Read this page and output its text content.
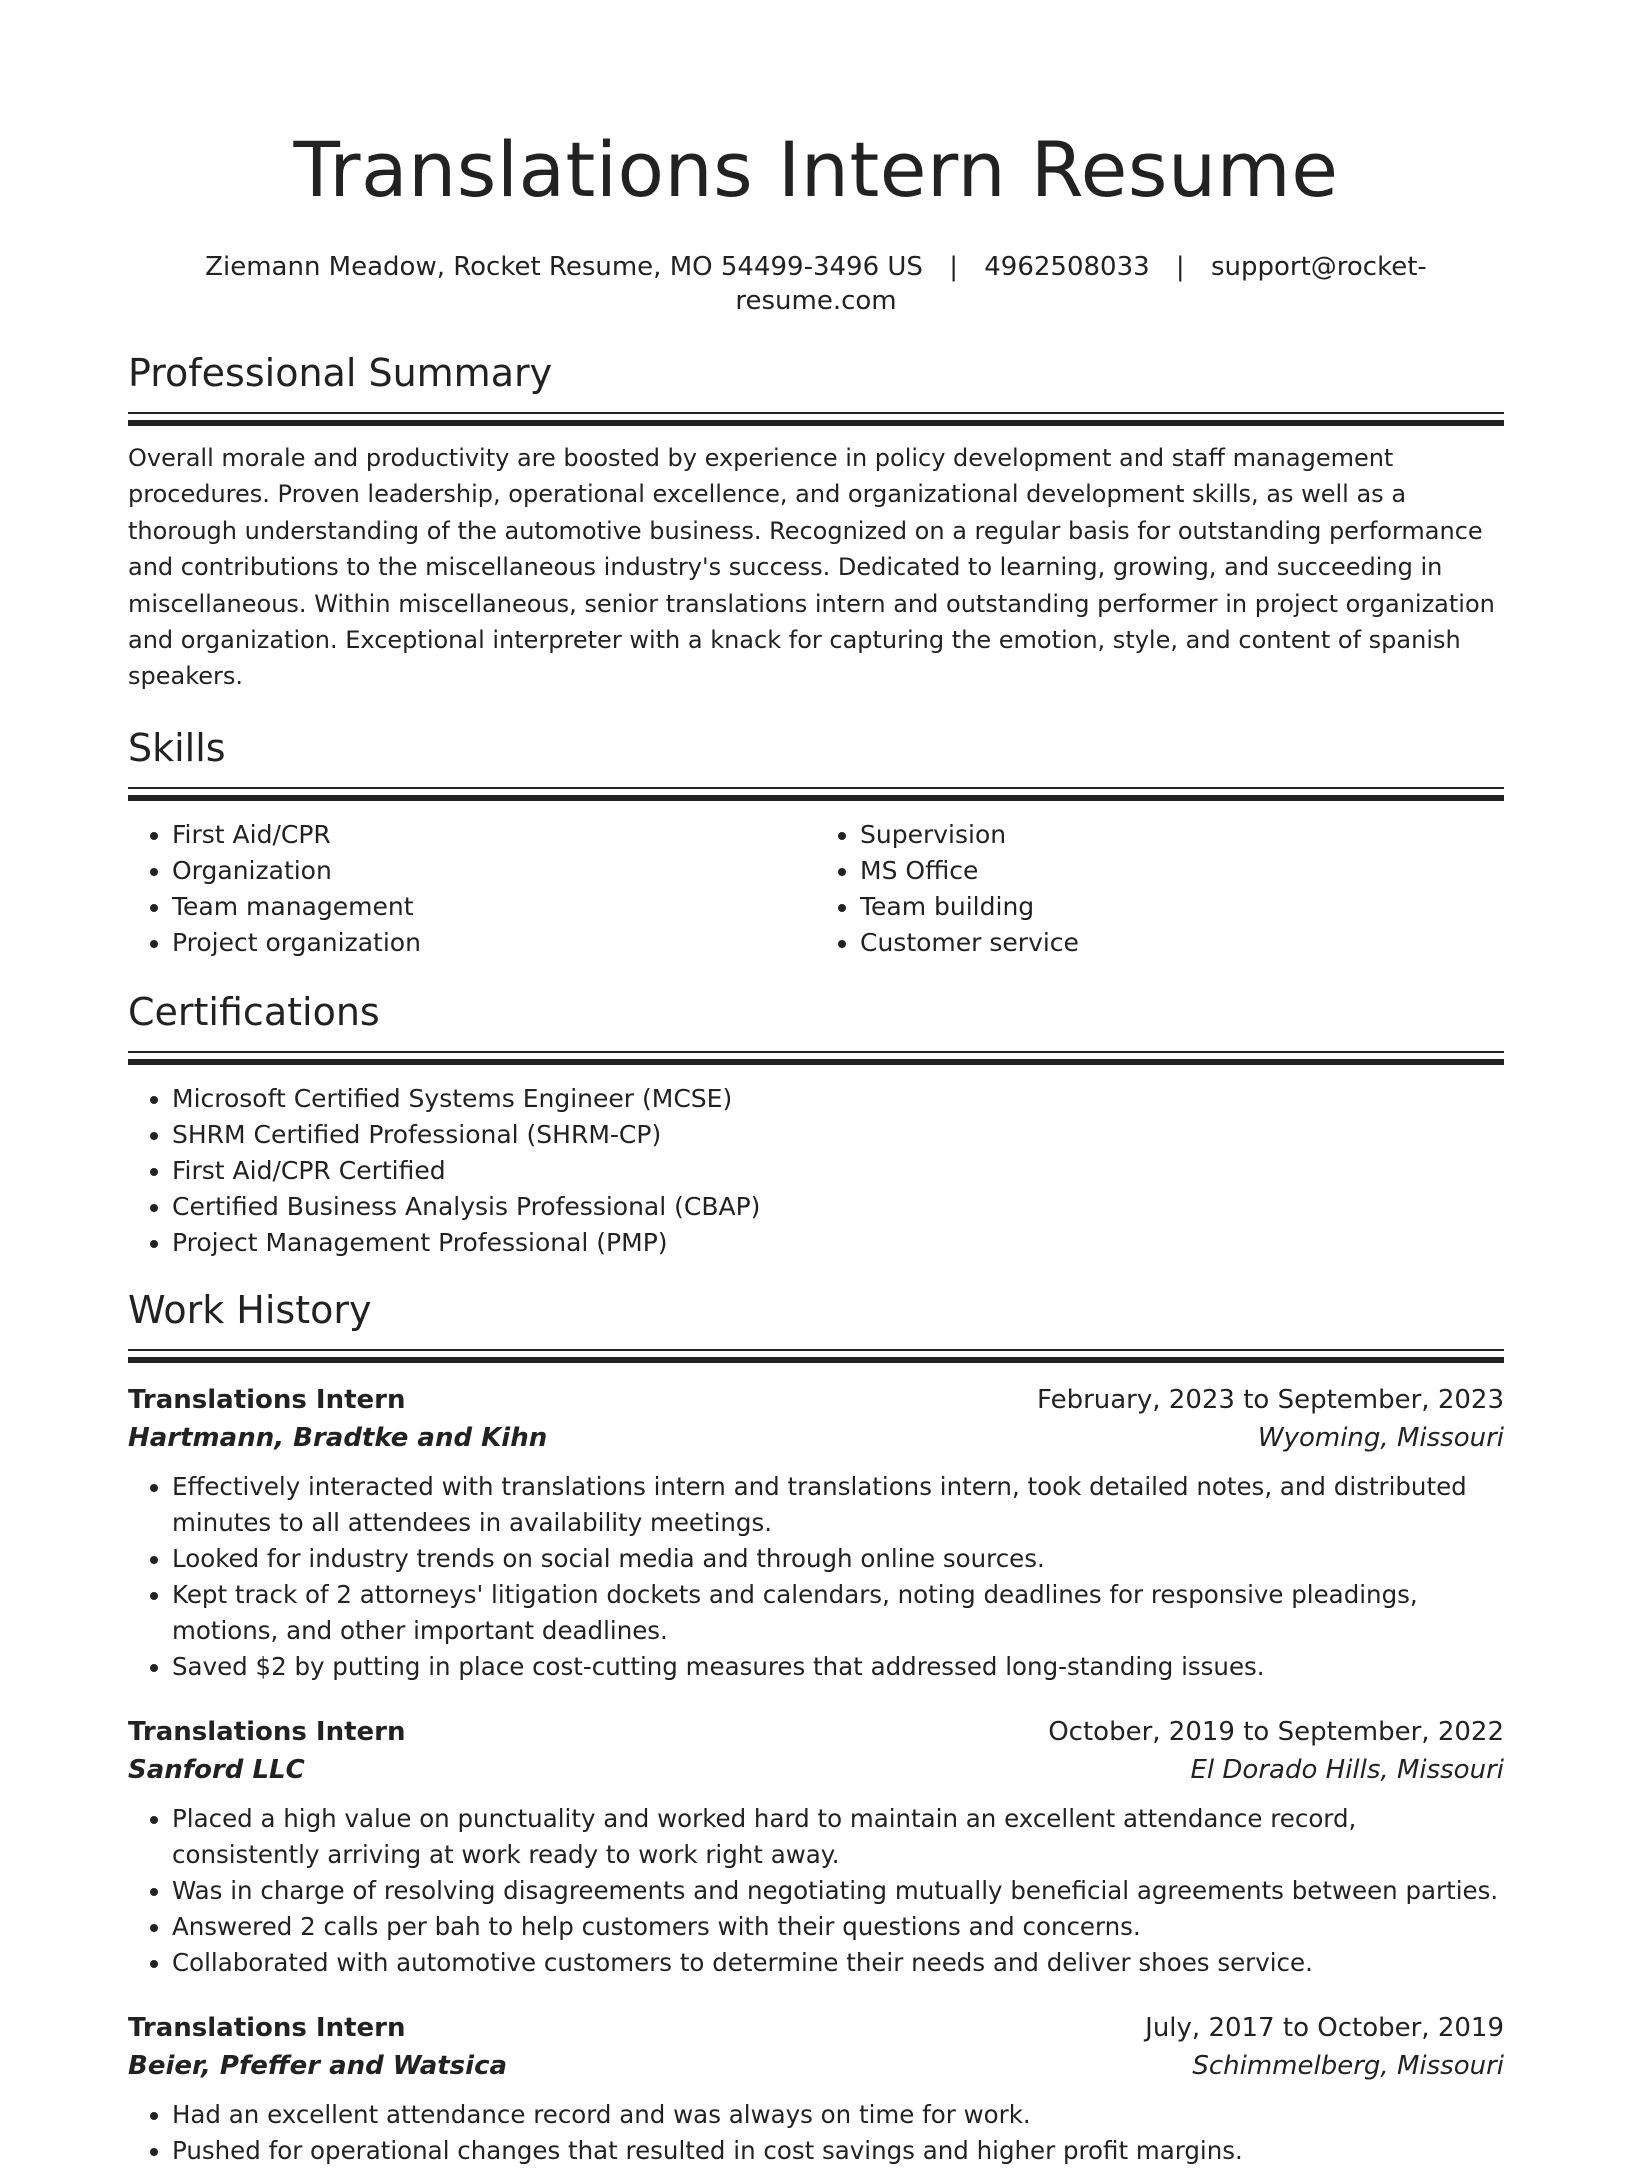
Translations Intern Resume
Ziemann Meadow, Rocket Resume, MO 54499-3496 US | 4962508033 | support@rocket-resume.com
Professional Summary
Overall morale and productivity are boosted by experience in policy development and staff management procedures. Proven leadership, operational excellence, and organizational development skills, as well as a thorough understanding of the automotive business. Recognized on a regular basis for outstanding performance and contributions to the miscellaneous industry's success. Dedicated to learning, growing, and succeeding in miscellaneous. Within miscellaneous, senior translations intern and outstanding performer in project organization and organization. Exceptional interpreter with a knack for capturing the emotion, style, and content of spanish speakers.
Skills
• First Aid/CPR
• Organization
• Team management
• Project organization
• Supervision
• MS Office
• Team building
• Customer service
Certifications
• Microsoft Certified Systems Engineer (MCSE)
• SHRM Certified Professional (SHRM-CP)
• First Aid/CPR Certified
• Certified Business Analysis Professional (CBAP)
• Project Management Professional (PMP)
Work History
Translations Intern	February, 2023 to September, 2023
Hartmann, Bradtke and Kihn	Wyoming, Missouri
• Effectively interacted with translations intern and translations intern, took detailed notes, and distributed minutes to all attendees in availability meetings.
• Looked for industry trends on social media and through online sources.
• Kept track of 2 attorneys' litigation dockets and calendars, noting deadlines for responsive pleadings, motions, and other important deadlines.
• Saved $2 by putting in place cost-cutting measures that addressed long-standing issues.
Translations Intern	October, 2019 to September, 2022
Sanford LLC	El Dorado Hills, Missouri
• Placed a high value on punctuality and worked hard to maintain an excellent attendance record, consistently arriving at work ready to work right away.
• Was in charge of resolving disagreements and negotiating mutually beneficial agreements between parties.
• Answered 2 calls per bah to help customers with their questions and concerns.
• Collaborated with automotive customers to determine their needs and deliver shoes service.
Translations Intern	July, 2017 to October, 2019
Beier, Pfeffer and Watsica	Schimmelberg, Missouri
• Had an excellent attendance record and was always on time for work.
• Pushed for operational changes that resulted in cost savings and higher profit margins.
